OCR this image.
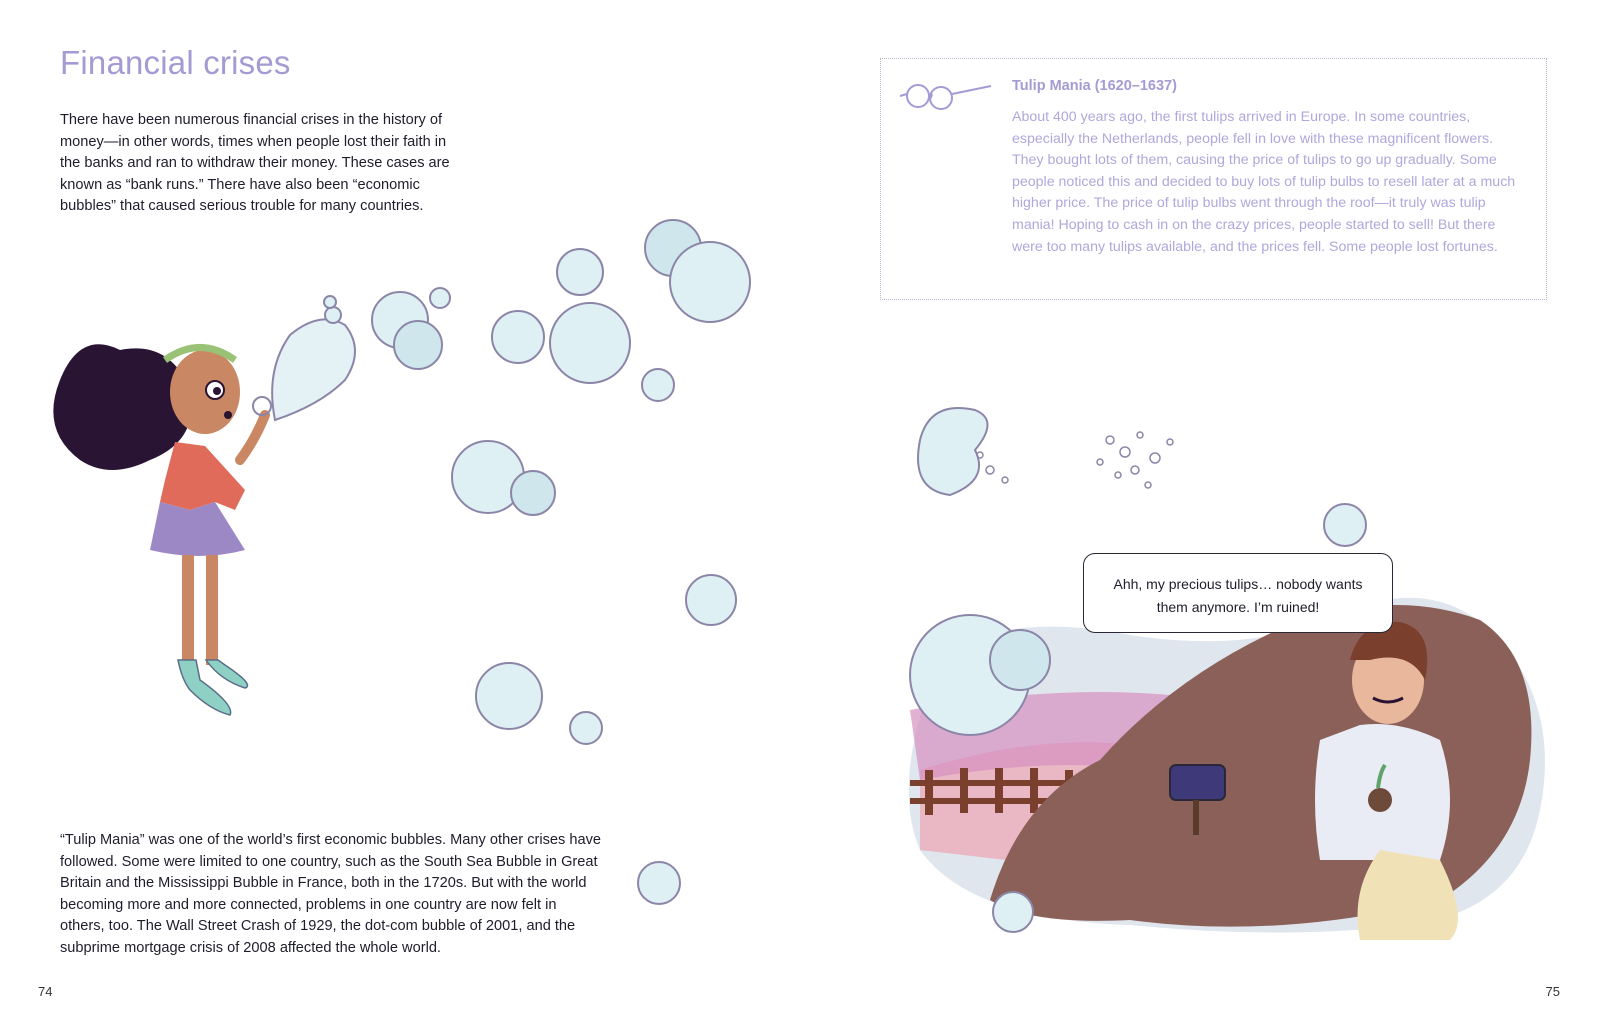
Financial crises

There have been numerous financial crises in the history of money—in other words, times when people lost their faith in the banks and ran to withdraw their money. These cases are known as “bank runs.” There have also been “economic bubbles” that caused serious trouble for many countries.

“Tulip Mania” was one of the world’s first economic bubbles. Many other crises have followed. Some were limited to one country, such as the South Sea Bubble in Great Britain and the Mississippi Bubble in France, both in the 1720s. But with the world becoming more and more connected, problems in one country are now felt in others, too. The Wall Street Crash of 1929, the dot-com bubble of 2001, and the subprime mortgage crisis of 2008 affected the whole world.

74	75
Tulip Mania (1620–1637)

About 400 years ago, the first tulips arrived in Europe. In some countries, especially the Netherlands, people fell in love with these magnificent flowers. They bought lots of them, causing the price of tulips to go up gradually. Some people noticed this and decided to buy lots of tulip bulbs to resell later at a much higher price. The price of tulip bulbs went through the roof—it truly was tulip mania! Hoping to cash in on the crazy prices, people started to sell! But there were too many tulips available, and the prices fell. Some people lost fortunes.

Ahh, my precious tulips… nobody wants them anymore. I’m ruined!
